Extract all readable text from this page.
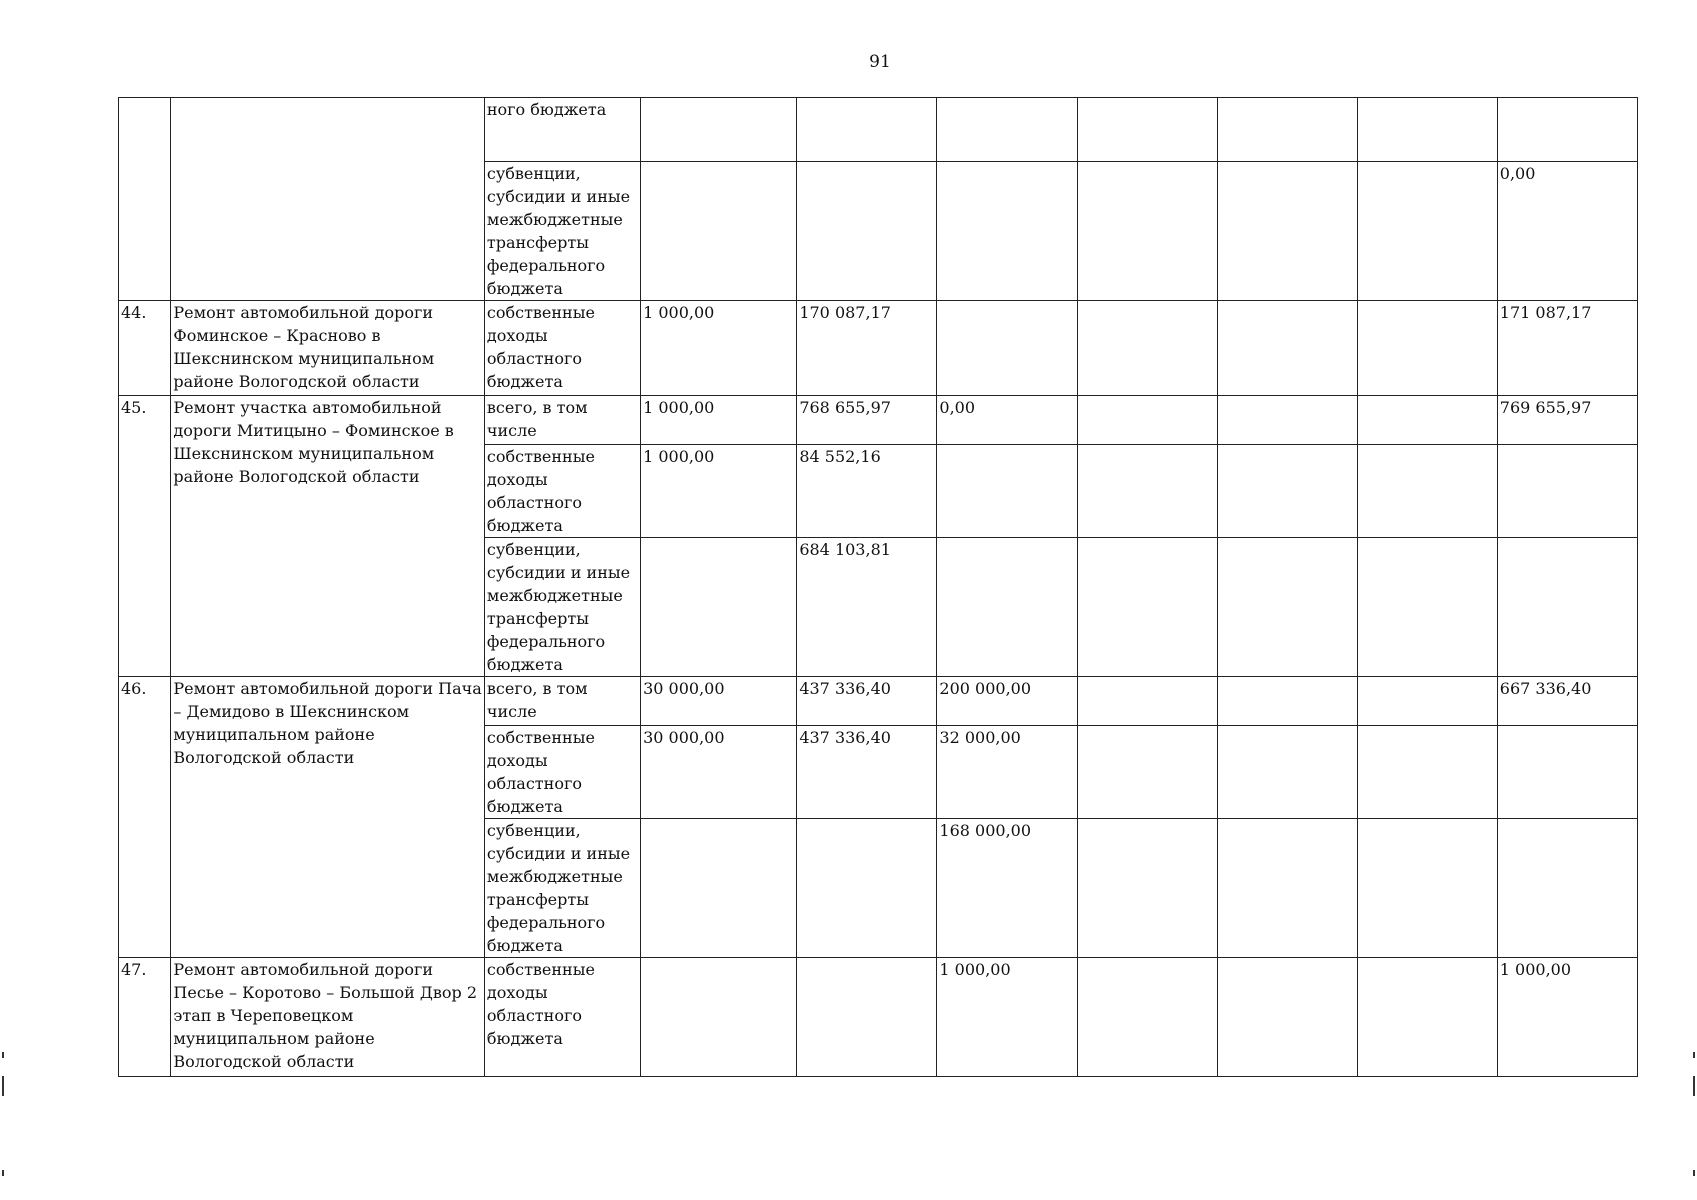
91
		ного бюджета							
		субвенции, субсидии и иные межбюджетные трансферты федерального бюджета							0,00
44.	Ремонт автомобильной дороги Фоминское – Красново в Шекснинском муниципальном районе Вологодской области	собственные доходы областного бюджета	1 000,00	170 087,17					171 087,17
45.	Ремонт участка автомобильной дороги Митицыно – Фоминское в Шекснинском муниципальном районе Вологодской области	всего, в том числе	1 000,00	768 655,97	0,00				769 655,97
		собственные доходы областного бюджета	1 000,00	84 552,16					
		субвенции, субсидии и иные межбюджетные трансферты федерального бюджета		684 103,81					
46.	Ремонт автомобильной дороги Пача – Демидово в Шекснинском муниципальном районе Вологодской области	всего, в том числе	30 000,00	437 336,40	200 000,00				667 336,40
		собственные доходы областного бюджета	30 000,00	437 336,40	32 000,00				
		субвенции, субсидии и иные межбюджетные трансферты федерального бюджета			168 000,00				
47.	Ремонт автомобильной дороги Песье – Коротово – Большой Двор 2 этап в Череповецком муниципальном районе Вологодской области	собственные доходы областного бюджета			1 000,00				1 000,00
